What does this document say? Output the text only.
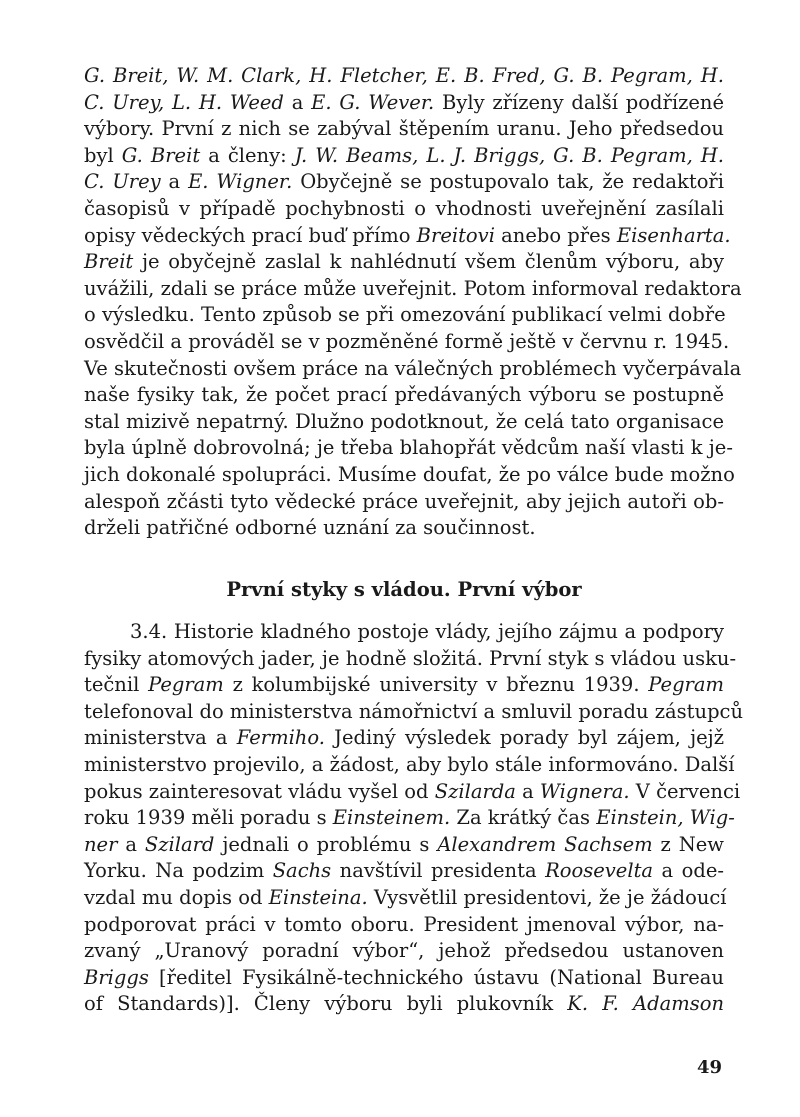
G. Breit, W. M. Clark, H. Fletcher, E. B. Fred, G. B. Pegram, H.
C. Urey, L. H. Weed a E. G. Wever. Byly zřízeny další podřízené
výbory. První z nich se zabýval štěpením uranu. Jeho předsedou
byl G. Breit a členy: J. W. Beams, L. J. Briggs, G. B. Pegram, H.
C. Urey a E. Wigner. Obyčejně se postupovalo tak, že redaktoři
časopisů v případě pochybnosti o vhodnosti uveřejnění zasílali
opisy vědeckých prací buď přímo Breitovi anebo přes Eisenharta.
Breit je obyčejně zaslal k nahlédnutí všem členům výboru, aby
uvážili, zdali se práce může uveřejnit. Potom informoval redaktora
o výsledku. Tento způsob se při omezování publikací velmi dobře
osvědčil a prováděl se v pozměněné formě ještě v červnu r. 1945.
Ve skutečnosti ovšem práce na válečných problémech vyčerpávala
naše fysiky tak, že počet prací předávaných výboru se postupně
stal mizivě nepatrný. Dlužno podotknout, že celá tato organisace
byla úplně dobrovolná; je třeba blahopřát vědcům naší vlasti k je-
jich dokonalé spolupráci. Musíme doufat, že po válce bude možno
alespoň zčásti tyto vědecké práce uveřejnit, aby jejich autoři ob-
drželi patřičné odborné uznání za součinnost.
První styky s vládou. První výbor
3.4. Historie kladného postoje vlády, jejího zájmu a podpory
fysiky atomových jader, je hodně složitá. První styk s vládou usku-
tečnil Pegram z kolumbijské university v březnu 1939. Pegram
telefonoval do ministerstva námořnictví a smluvil poradu zástupců
ministerstva a Fermiho. Jediný výsledek porady byl zájem, jejž
ministerstvo projevilo, a žádost, aby bylo stále informováno. Další
pokus zainteresovat vládu vyšel od Szilarda a Wignera. V červenci
roku 1939 měli poradu s Einsteinem. Za krátký čas Einstein, Wig-
ner a Szilard jednali o problému s Alexandrem Sachsem z New
Yorku. Na podzim Sachs navštívil presidenta Roosevelta a ode-
vzdal mu dopis od Einsteina. Vysvětlil presidentovi, že je žádoucí
podporovat práci v tomto oboru. President jmenoval výbor, na-
zvaný „Uranový poradní výbor“, jehož předsedou ustanoven
Briggs [ředitel Fysikálně-technického ústavu (National Bureau
of Standards)]. Členy výboru byli plukovník K. F. Adamson
49
